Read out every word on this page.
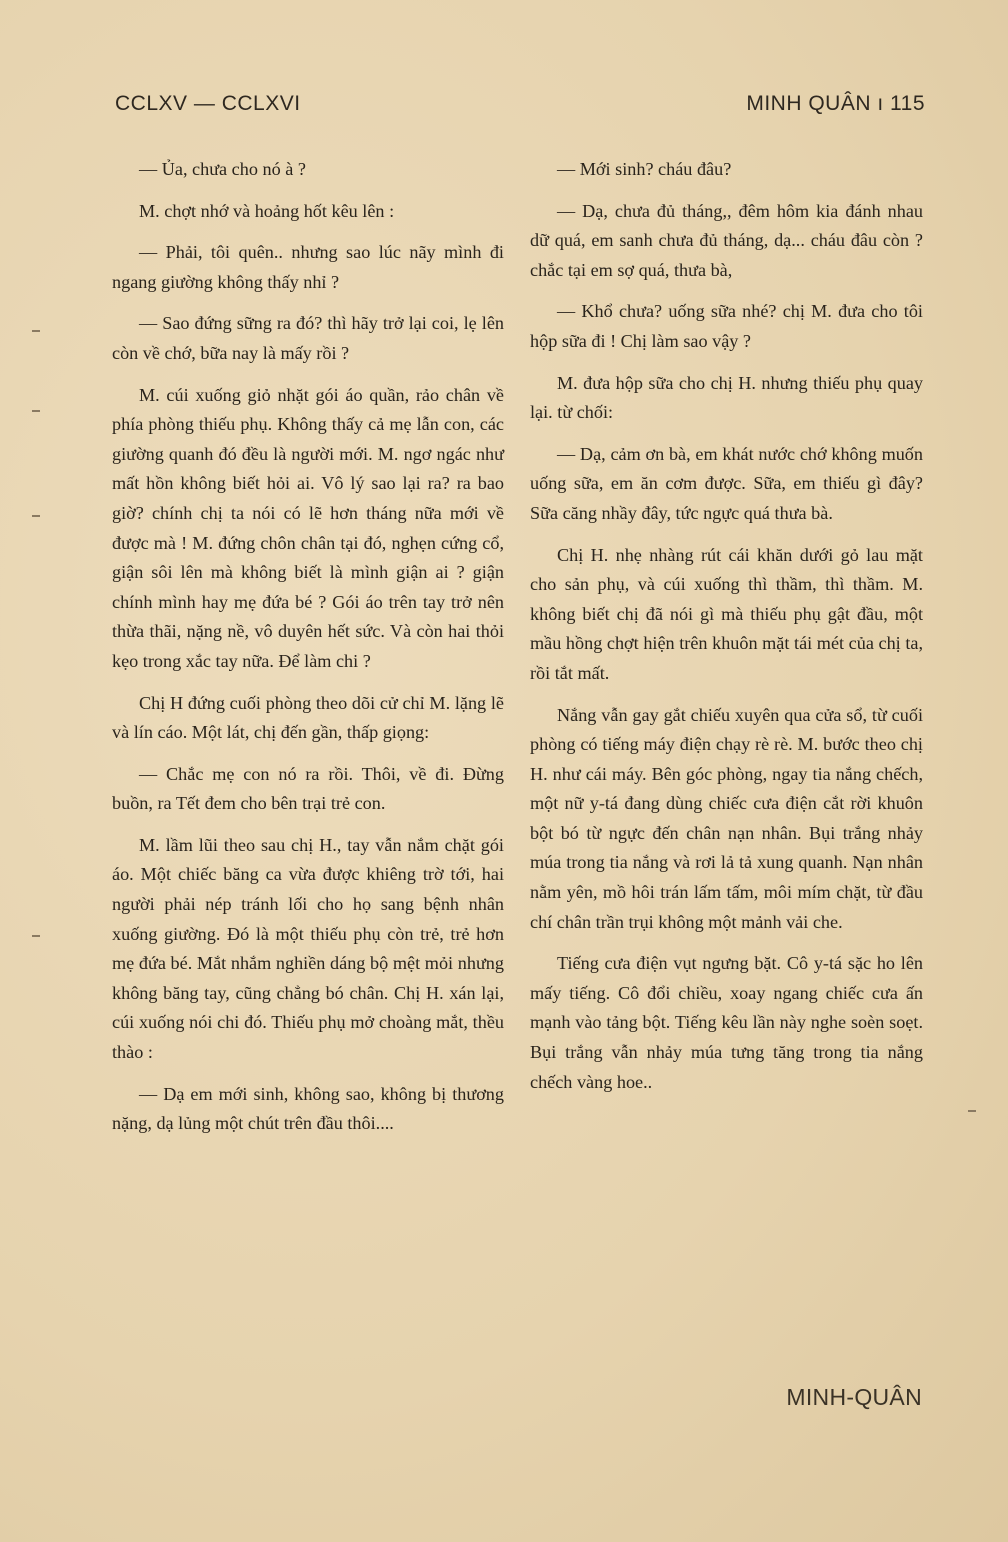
CCLXV — CCLXVI	MINH QUÂN ı 115

— Ủa, chưa cho nó à ?

M. chợt nhớ và hoảng hốt kêu lên :

— Phải, tôi quên.. nhưng sao lúc nãy mình đi ngang giường không thấy nhỉ ?

— Sao đứng sững ra đó? thì hãy trở lại coi, lẹ lên còn về chớ, bữa nay là mấy rồi ?

M. cúi xuống giỏ nhặt gói áo quần, rảo chân về phía phòng thiếu phụ. Không thấy cả mẹ lẫn con, các giường quanh đó đều là người mới. M. ngơ ngác như mất hồn không biết hỏi ai. Vô lý sao lại ra? ra bao giờ? chính chị ta nói có lẽ hơn tháng nữa mới về được mà ! M. đứng chôn chân tại đó, nghẹn cứng cổ, giận sôi lên mà không biết là mình giận ai ? giận chính mình hay mẹ đứa bé ? Gói áo trên tay trở nên thừa thãi, nặng nề, vô duyên hết sức. Và còn hai thỏi kẹo trong xắc tay nữa. Để làm chi ?

Chị H đứng cuối phòng theo dõi cử chỉ M. lặng lẽ và lín cáo. Một lát, chị đến gần, thấp giọng:

— Chắc mẹ con nó ra rồi. Thôi, về đi. Đừng buồn, ra Tết đem cho bên trại trẻ con.

M. lầm lũi theo sau chị H., tay vẫn nắm chặt gói áo. Một chiếc băng ca vừa được khiêng trờ tới, hai người phải nép tránh lối cho họ sang bệnh nhân xuống giường. Đó là một thiếu phụ còn trẻ, trẻ hơn mẹ đứa bé. Mắt nhắm nghiền dáng bộ mệt mỏi nhưng không băng tay, cũng chẳng bó chân. Chị H. xán lại, cúi xuống nói chi đó. Thiếu phụ mở choàng mắt, thều thào :

— Dạ em mới sinh, không sao, không bị thương nặng, dạ lủng một chút trên đầu thôi....

— Mới sinh? cháu đâu?

— Dạ, chưa đủ tháng,, đêm hôm kia đánh nhau dữ quá, em sanh chưa đủ tháng, dạ... cháu đâu còn ? chắc tại em sợ quá, thưa bà,

— Khổ chưa? uống sữa nhé? chị M. đưa cho tôi hộp sữa đi ! Chị làm sao vậy ?

M. đưa hộp sữa cho chị H. nhưng thiếu phụ quay lại. từ chối:

— Dạ, cảm ơn bà, em khát nước chớ không muốn uống sữa, em ăn cơm được. Sữa, em thiếu gì đây? Sữa căng nhầy đây, tức ngực quá thưa bà.

Chị H. nhẹ nhàng rút cái khăn dưới gỏ lau mặt cho sản phụ, và cúi xuống thì thầm, thì thầm. M. không biết chị đã nói gì mà thiếu phụ gật đầu, một mầu hồng chợt hiện trên khuôn mặt tái mét của chị ta, rồi tắt mất.

Nắng vẫn gay gắt chiếu xuyên qua cửa sổ, từ cuối phòng có tiếng máy điện chạy rè rè. M. bước theo chị H. như cái máy. Bên góc phòng, ngay tia nắng chếch, một nữ y-tá đang dùng chiếc cưa điện cắt rời khuôn bột bó từ ngực đến chân nạn nhân. Bụi trắng nhảy múa trong tia nắng và rơi lả tả xung quanh. Nạn nhân nằm yên, mồ hôi trán lấm tấm, môi mím chặt, từ đầu chí chân trần trụi không một mảnh vải che.

Tiếng cưa điện vụt ngưng bặt. Cô y-tá sặc ho lên mấy tiếng. Cô đổi chiều, xoay ngang chiếc cưa ấn mạnh vào tảng bột. Tiếng kêu lần này nghe soèn soẹt. Bụi trắng vẫn nhảy múa tưng tăng trong tia nắng chếch vàng hoe..

MINH-QUÂN
